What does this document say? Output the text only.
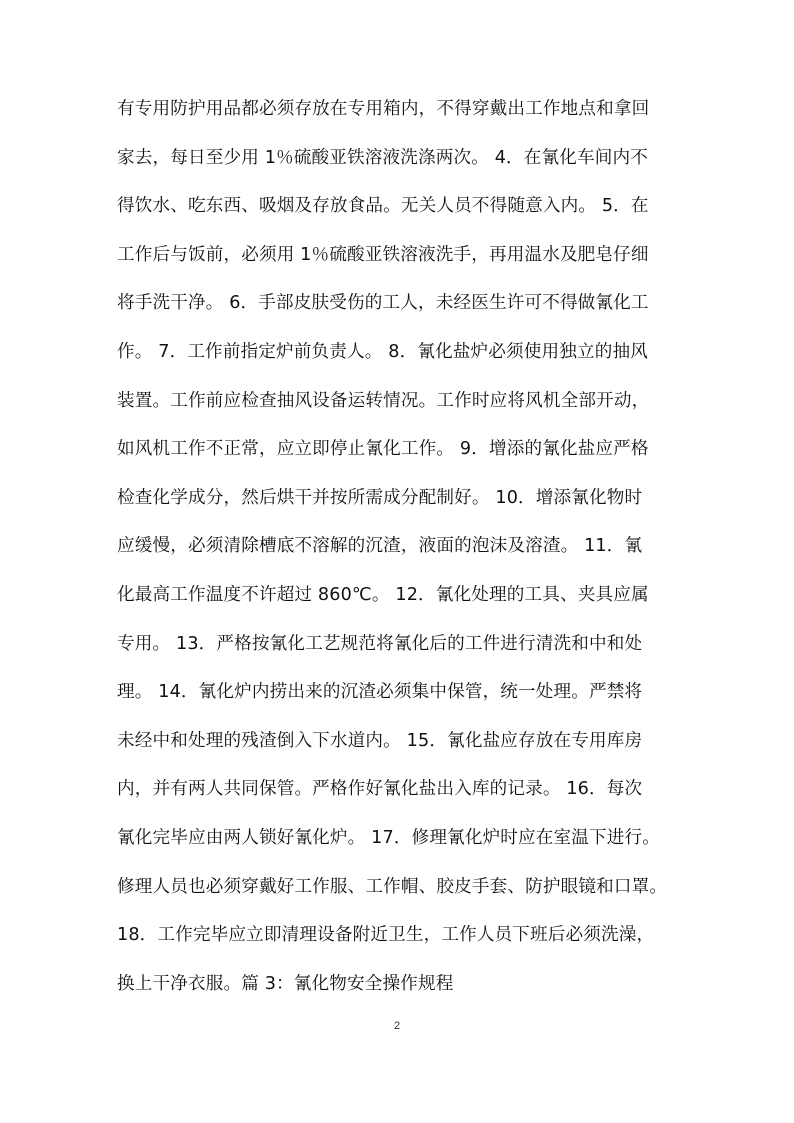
有专用防护用品都必须存放在专用箱内，不得穿戴出工作地点和拿回
家去，每日至少用 1％硫酸亚铁溶液洗涤两次。 4．在氰化车间内不
得饮水、吃东西、吸烟及存放食品。无关人员不得随意入内。 5．在
工作后与饭前，必须用 1％硫酸亚铁溶液洗手，再用温水及肥皂仔细
将手洗干净。 6．手部皮肤受伤的工人，未经医生许可不得做氰化工
作。 7．工作前指定炉前负责人。 8．氰化盐炉必须使用独立的抽风
装置。工作前应检查抽风设备运转情况。工作时应将风机全部开动，
如风机工作不正常，应立即停止氰化工作。 9．增添的氰化盐应严格
检查化学成分，然后烘干并按所需成分配制好。 10．增添氰化物时
应缓慢，必须清除槽底不溶解的沉渣，液面的泡沫及溶渣。 11．氰
化最高工作温度不许超过 860℃。 12．氰化处理的工具、夹具应属
专用。 13．严格按氰化工艺规范将氰化后的工件进行清洗和中和处
理。 14．氰化炉内捞出来的沉渣必须集中保管，统一处理。严禁将
未经中和处理的残渣倒入下水道内。 15．氰化盐应存放在专用库房
内，并有两人共同保管。严格作好氰化盐出入库的记录。 16．每次
氰化完毕应由两人锁好氰化炉。 17．修理氰化炉时应在室温下进行。
修理人员也必须穿戴好工作服、工作帽、胶皮手套、防护眼镜和口罩。
18．工作完毕应立即清理设备附近卫生，工作人员下班后必须洗澡，
换上干净衣服。篇 3：氰化物安全操作规程
2
